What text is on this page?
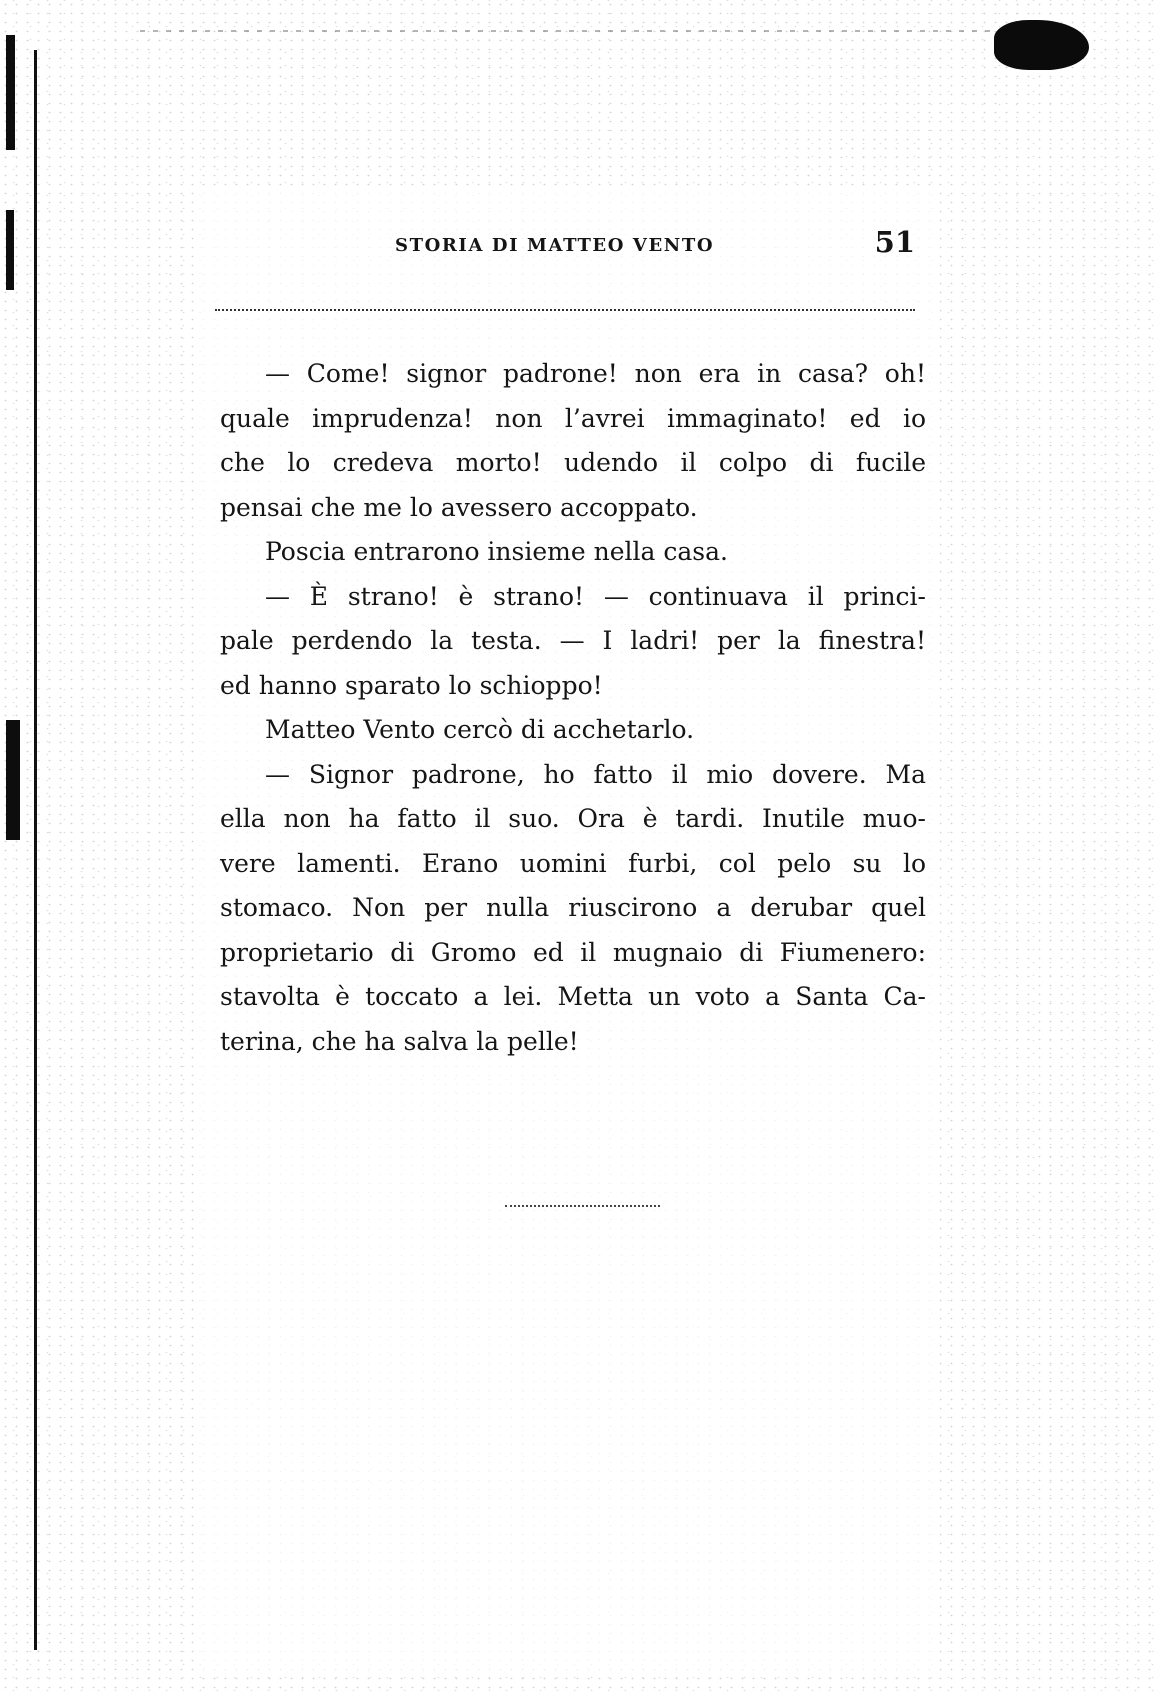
STORIA DI MATTEO VENTO	51
— Come! signor padrone! non era in casa? oh!
quale imprudenza! non l’avrei immaginato! ed io
che lo credeva morto! udendo il colpo di fucile
pensai che me lo avessero accoppato.
Poscia entrarono insieme nella casa.
— È strano! è strano! — continuava il princi-
pale perdendo la testa. — I ladri! per la finestra!
ed hanno sparato lo schioppo!
Matteo Vento cercò di acchetarlo.
— Signor padrone, ho fatto il mio dovere. Ma
ella non ha fatto il suo. Ora è tardi. Inutile muo-
vere lamenti. Erano uomini furbi, col pelo su lo
stomaco. Non per nulla riuscirono a derubar quel
proprietario di Gromo ed il mugnaio di Fiumenero:
stavolta è toccato a lei. Metta un voto a Santa Ca-
terina, che ha salva la pelle!
